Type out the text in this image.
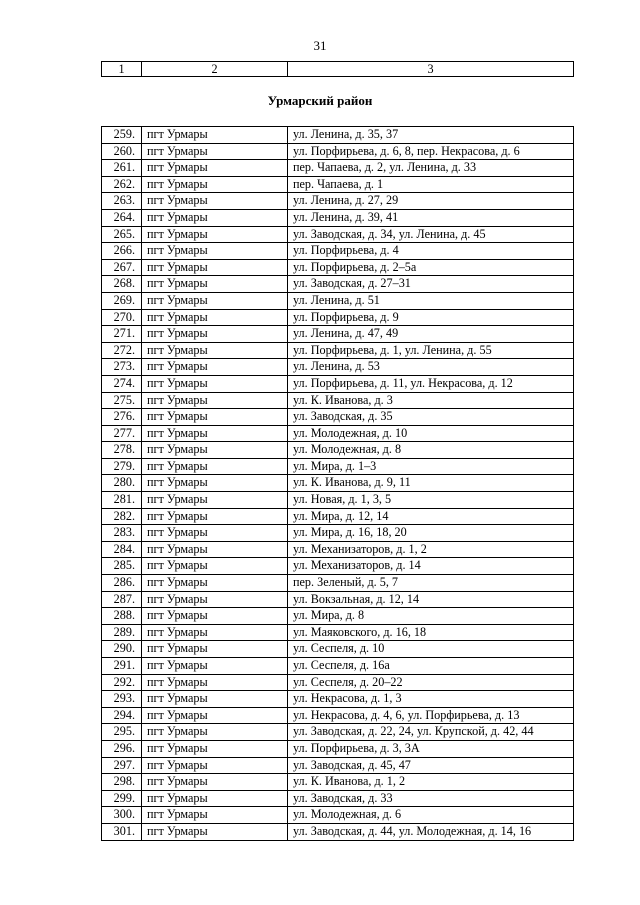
31
1	2	3
Урмарский район
259.	пгт Урмары	ул. Ленина, д. 35, 37
260.	пгт Урмары	ул. Порфирьева, д. 6, 8, пер. Некрасова, д. 6
261.	пгт Урмары	пер. Чапаева, д. 2, ул. Ленина, д. 33
262.	пгт Урмары	пер. Чапаева, д. 1
263.	пгт Урмары	ул. Ленина, д. 27, 29
264.	пгт Урмары	ул. Ленина, д. 39, 41
265.	пгт Урмары	ул. Заводская, д. 34, ул. Ленина, д. 45
266.	пгт Урмары	ул. Порфирьева, д. 4
267.	пгт Урмары	ул. Порфирьева, д. 2–5а
268.	пгт Урмары	ул. Заводская, д. 27–31
269.	пгт Урмары	ул. Ленина, д. 51
270.	пгт Урмары	ул. Порфирьева, д. 9
271.	пгт Урмары	ул. Ленина, д. 47, 49
272.	пгт Урмары	ул. Порфирьева, д. 1, ул. Ленина, д. 55
273.	пгт Урмары	ул. Ленина, д. 53
274.	пгт Урмары	ул. Порфирьева, д. 11, ул. Некрасова, д. 12
275.	пгт Урмары	ул. К. Иванова, д. 3
276.	пгт Урмары	ул. Заводская, д. 35
277.	пгт Урмары	ул. Молодежная, д. 10
278.	пгт Урмары	ул. Молодежная, д. 8
279.	пгт Урмары	ул. Мира, д. 1–3
280.	пгт Урмары	ул. К. Иванова, д. 9, 11
281.	пгт Урмары	ул. Новая, д. 1, 3, 5
282.	пгт Урмары	ул. Мира, д. 12, 14
283.	пгт Урмары	ул. Мира, д. 16, 18, 20
284.	пгт Урмары	ул. Механизаторов, д. 1, 2
285.	пгт Урмары	ул. Механизаторов, д. 14
286.	пгт Урмары	пер. Зеленый, д. 5, 7
287.	пгт Урмары	ул. Вокзальная, д. 12, 14
288.	пгт Урмары	ул. Мира, д. 8
289.	пгт Урмары	ул. Маяковского, д. 16, 18
290.	пгт Урмары	ул. Сеспеля, д. 10
291.	пгт Урмары	ул. Сеспеля, д. 16а
292.	пгт Урмары	ул. Сеспеля, д. 20–22
293.	пгт Урмары	ул. Некрасова, д. 1, 3
294.	пгт Урмары	ул. Некрасова, д. 4, 6, ул. Порфирьева, д. 13
295.	пгт Урмары	ул. Заводская, д. 22, 24, ул. Крупской, д. 42, 44
296.	пгт Урмары	ул. Порфирьева, д. 3, 3А
297.	пгт Урмары	ул. Заводская, д. 45, 47
298.	пгт Урмары	ул. К. Иванова, д. 1, 2
299.	пгт Урмары	ул. Заводская, д. 33
300.	пгт Урмары	ул. Молодежная, д. 6
301.	пгт Урмары	ул. Заводская, д. 44, ул. Молодежная, д. 14, 16
